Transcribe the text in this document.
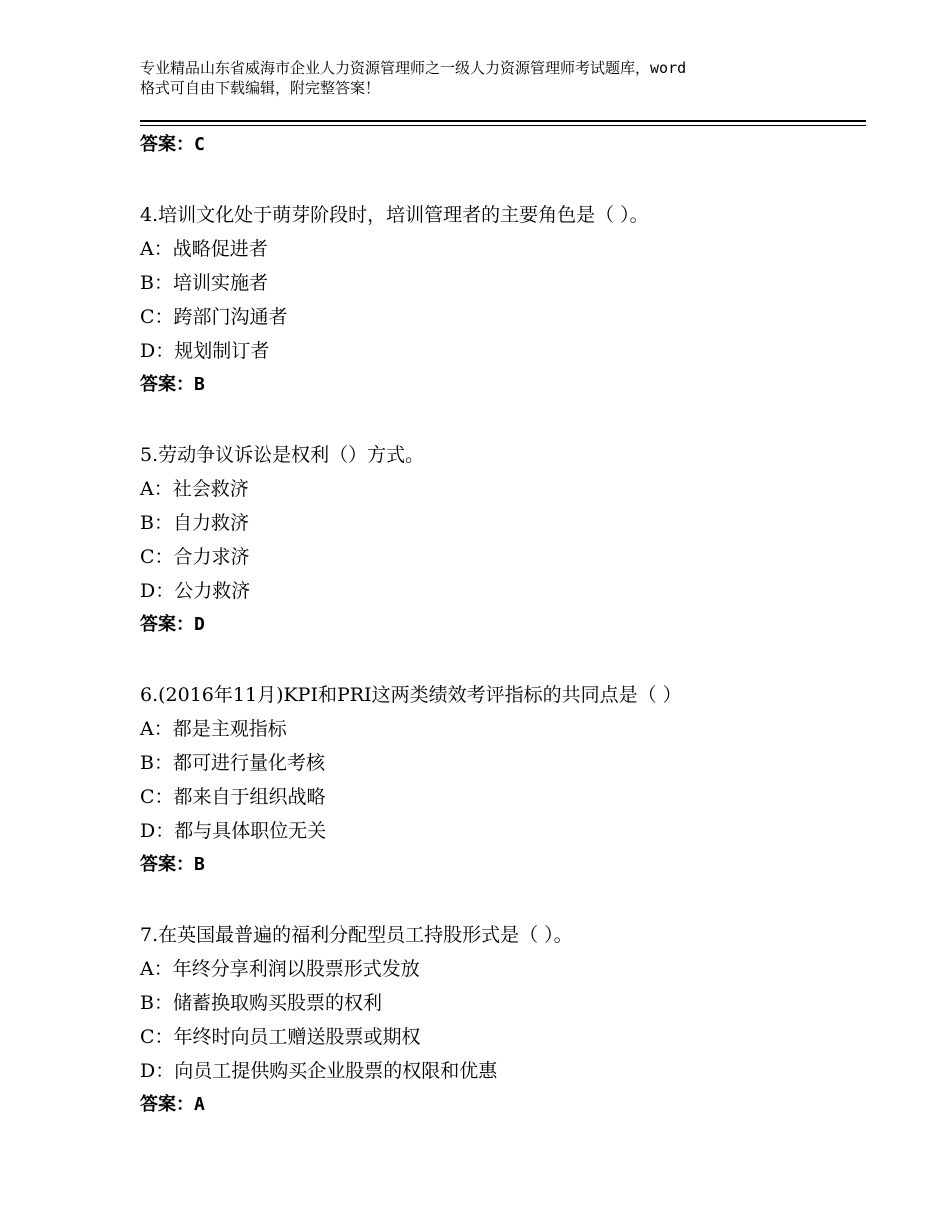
专业精品山东省威海市企业人力资源管理师之一级人力资源管理师考试题库，word
格式可自由下载编辑，附完整答案！
答案：C
4.培训文化处于萌芽阶段时，培训管理者的主要角色是（ ）。
A：战略促进者
B：培训实施者
C：跨部门沟通者
D：规划制订者
答案：B
5.劳动争议诉讼是权利（）方式。
A：社会救济
B：自力救济
C：合力求济
D：公力救济
答案：D
6.(2016年11月)KPI和PRI这两类绩效考评指标的共同点是（ ）
A：都是主观指标
B：都可进行量化考核
C：都来自于组织战略
D：都与具体职位无关
答案：B
7.在英国最普遍的福利分配型员工持股形式是（ ）。
A：年终分享利润以股票形式发放
B：储蓄换取购买股票的权利
C：年终时向员工赠送股票或期权
D：向员工提供购买企业股票的权限和优惠
答案：A
